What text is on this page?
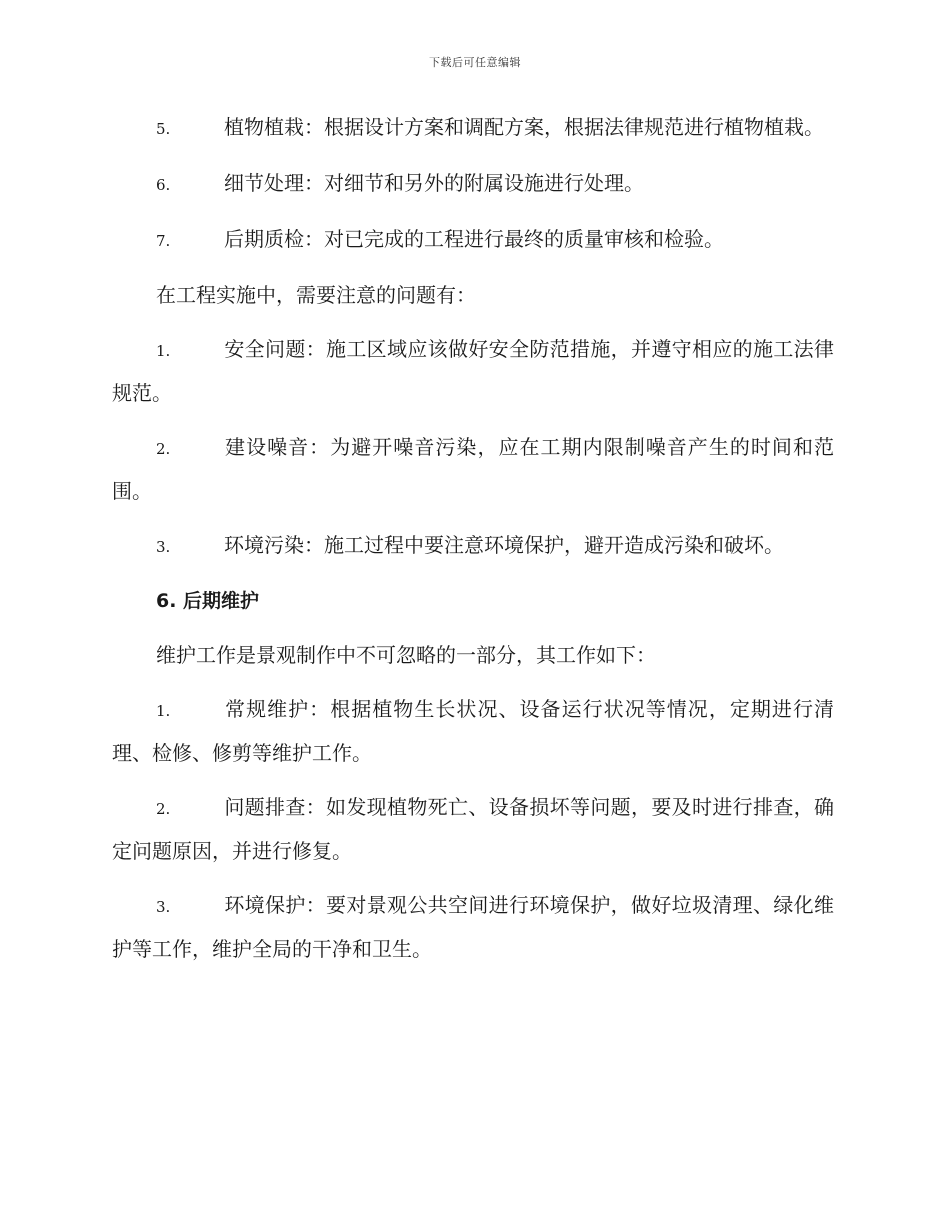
下载后可任意编辑
5.	植物植栽：根据设计方案和调配方案，根据法律规范进行植物植栽。
6.	细节处理：对细节和另外的附属设施进行处理。
7.	后期质检：对已完成的工程进行最终的质量审核和检验。
在工程实施中，需要注意的问题有：
1.	安全问题：施工区域应该做好安全防范措施，并遵守相应的施工法律规范。
2.	建设噪音：为避开噪音污染，应在工期内限制噪音产生的时间和范围。
3.	环境污染：施工过程中要注意环境保护，避开造成污染和破坏。
6. 后期维护
维护工作是景观制作中不可忽略的一部分，其工作如下：
1.	常规维护：根据植物生长状况、设备运行状况等情况，定期进行清理、检修、修剪等维护工作。
2.	问题排查：如发现植物死亡、设备损坏等问题，要及时进行排查，确定问题原因，并进行修复。
3.	环境保护：要对景观公共空间进行环境保护，做好垃圾清理、绿化维护等工作，维护全局的干净和卫生。
